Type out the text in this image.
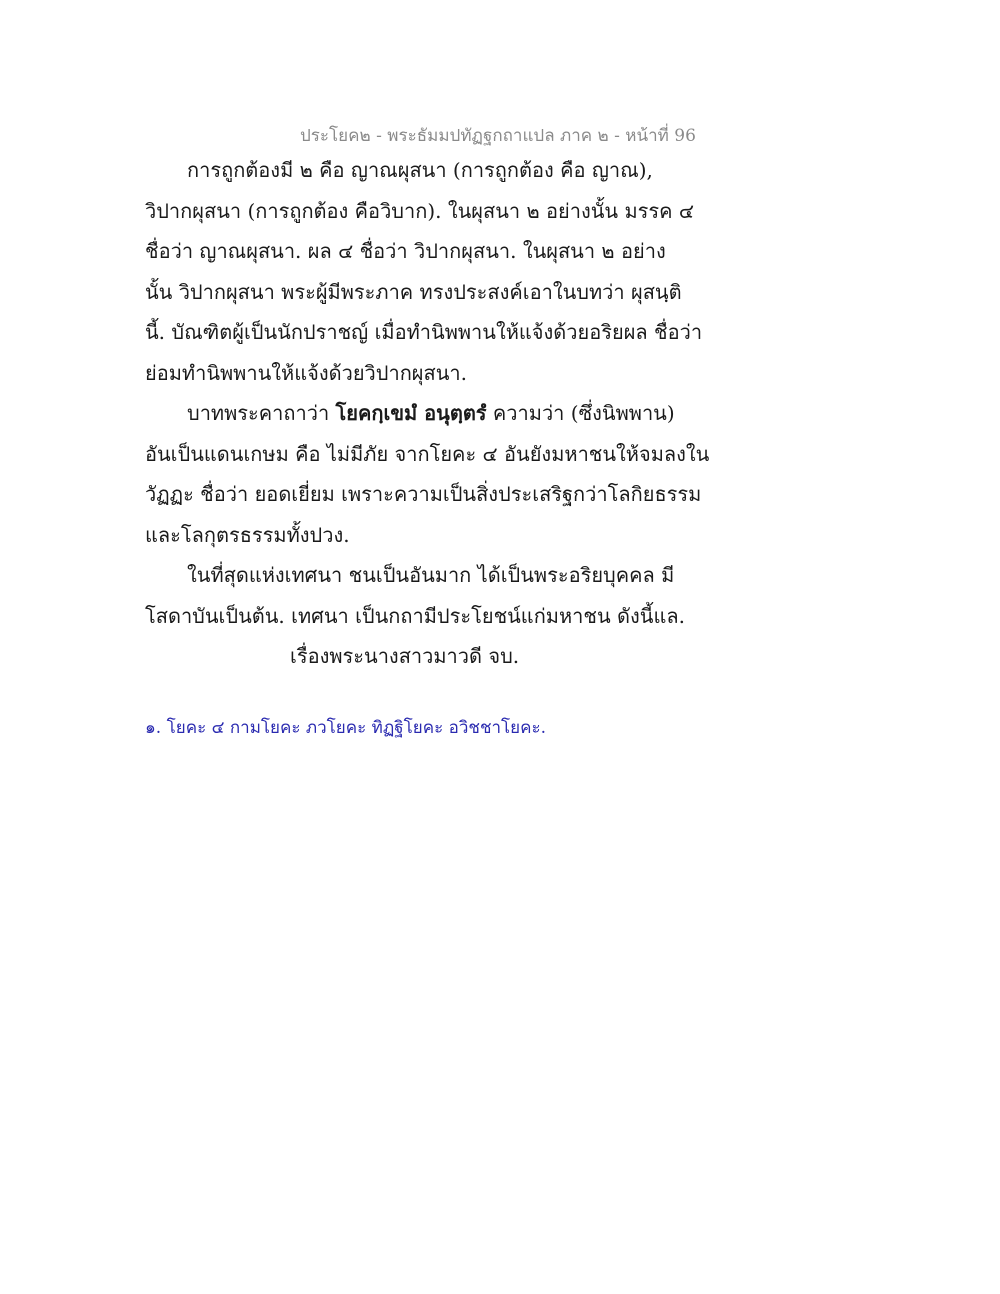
ประโยค๒ - พระธัมมปทัฏฐกถาแปล ภาค ๒ - หน้าที่ 96
การถูกต้องมี ๒ คือ ญาณผุสนา (การถูกต้อง คือ ญาณ),
วิปากผุสนา (การถูกต้อง คือวิบาก). ในผุสนา ๒ อย่างนั้น มรรค ๔
ชื่อว่า ญาณผุสนา. ผล ๔ ชื่อว่า วิปากผุสนา. ในผุสนา ๒ อย่าง
นั้น วิปากผุสนา พระผู้มีพระภาค ทรงประสงค์เอาในบทว่า ผุสนฺติ
นี้. บัณฑิตผู้เป็นนักปราชญ์ เมื่อทำนิพพานให้แจ้งด้วยอริยผล ชื่อว่า
ย่อมทำนิพพานให้แจ้งด้วยวิปากผุสนา.
บาทพระคาถาว่า โยคกฺเขมํ อนุตฺตรํ ความว่า (ซึ่งนิพพาน)
อันเป็นแดนเกษม คือ ไม่มีภัย จากโยคะ ๔ อันยังมหาชนให้จมลงใน
วัฏฏะ ชื่อว่า ยอดเยี่ยม เพราะความเป็นสิ่งประเสริฐกว่าโลกิยธรรม
และโลกุตรธรรมทั้งปวง.
ในที่สุดแห่งเทศนา ชนเป็นอันมาก ได้เป็นพระอริยบุคคล มี
โสดาบันเป็นต้น. เทศนา เป็นกถามีประโยชน์แก่มหาชน ดังนี้แล.
เรื่องพระนางสาวมาวดี จบ.
๑. โยคะ ๔ กามโยคะ ภวโยคะ ทิฏฐิโยคะ อวิชชาโยคะ.
